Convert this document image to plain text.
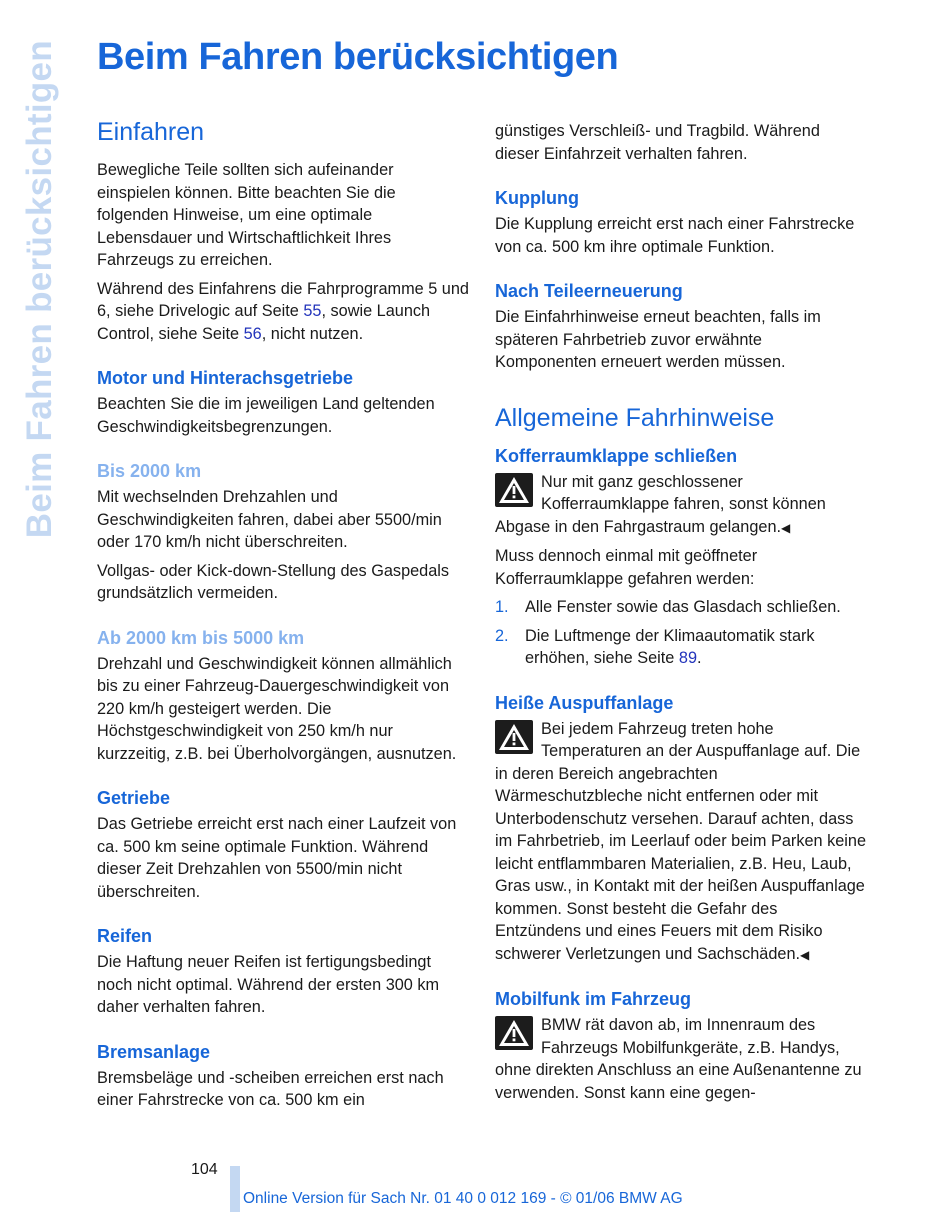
Beim Fahren berücksichtigen Beim Fahren berücksichtigen
Einfahren

Bewegliche Teile sollten sich aufeinander einspielen können. Bitte beachten Sie die folgenden Hinweise, um eine optimale Lebensdauer und Wirtschaftlichkeit Ihres Fahrzeugs zu erreichen.

Während des Einfahrens die Fahrprogramme 5 und 6, siehe Drivelogic auf Seite 55, sowie Launch Control, siehe Seite 56, nicht nutzen.

Motor und Hinterachsgetriebe

Beachten Sie die im jeweiligen Land geltenden Geschwindigkeitsbegrenzungen.

Bis 2000 km

Mit wechselnden Drehzahlen und Geschwindigkeiten fahren, dabei aber 5500/min oder 170 km/h nicht überschreiten.

Vollgas- oder Kick-down-Stellung des Gaspedals grundsätzlich vermeiden.

Ab 2000 km bis 5000 km

Drehzahl und Geschwindigkeit können allmählich bis zu einer Fahrzeug-Dauergeschwindigkeit von 220 km/h gesteigert werden. Die Höchstgeschwindigkeit von 250 km/h nur kurzzeitig, z.B. bei Überholvorgängen, ausnutzen.

Getriebe

Das Getriebe erreicht erst nach einer Laufzeit von ca. 500 km seine optimale Funktion. Während dieser Zeit Drehzahlen von 5500/min nicht überschreiten.

Reifen

Die Haftung neuer Reifen ist fertigungsbedingt noch nicht optimal. Während der ersten 300 km daher verhalten fahren.

Bremsanlage

Bremsbeläge und -scheiben erreichen erst nach einer Fahrstrecke von ca. 500 km ein

günstiges Verschleiß- und Tragbild. Während dieser Einfahrzeit verhalten fahren.

Kupplung

Die Kupplung erreicht erst nach einer Fahrstrecke von ca. 500 km ihre optimale Funktion.

Nach Teileerneuerung

Die Einfahrhinweise erneut beachten, falls im späteren Fahrbetrieb zuvor erwähnte Komponenten erneuert werden müssen.

Allgemeine Fahrhinweise
Kofferraumklappe schließen

Nur mit ganz geschlossener Kofferraumklappe fahren, sonst können Abgase in den Fahrgastraum gelangen.◀

Muss dennoch einmal mit geöffneter Kofferraumklappe gefahren werden:

1. Alle Fenster sowie das Glasdach schließen.
2. Die Luftmenge der Klimaautomatik stark erhöhen, siehe Seite 89.
Heiße Auspuffanlage

Bei jedem Fahrzeug treten hohe Temperaturen an der Auspuffanlage auf. Die in deren Bereich angebrachten Wärmeschutzbleche nicht entfernen oder mit Unterbodenschutz versehen. Darauf achten, dass im Fahrbetrieb, im Leerlauf oder beim Parken keine leicht entflammbaren Materialien, z.B. Heu, Laub, Gras usw., in Kontakt mit der heißen Auspuffanlage kommen. Sonst besteht die Gefahr des Entzündens und eines Feuers mit dem Risiko schwerer Verletzungen und Sachschäden.◀

Mobilfunk im Fahrzeug

BMW rät davon ab, im Innenraum des Fahrzeugs Mobilfunkgeräte, z.B. Handys, ohne direkten Anschluss an eine Außenantenne zu verwenden. Sonst kann eine gegen-

104
Online Version für Sach Nr. 01 40 0 012 169 - © 01/06 BMW AG
